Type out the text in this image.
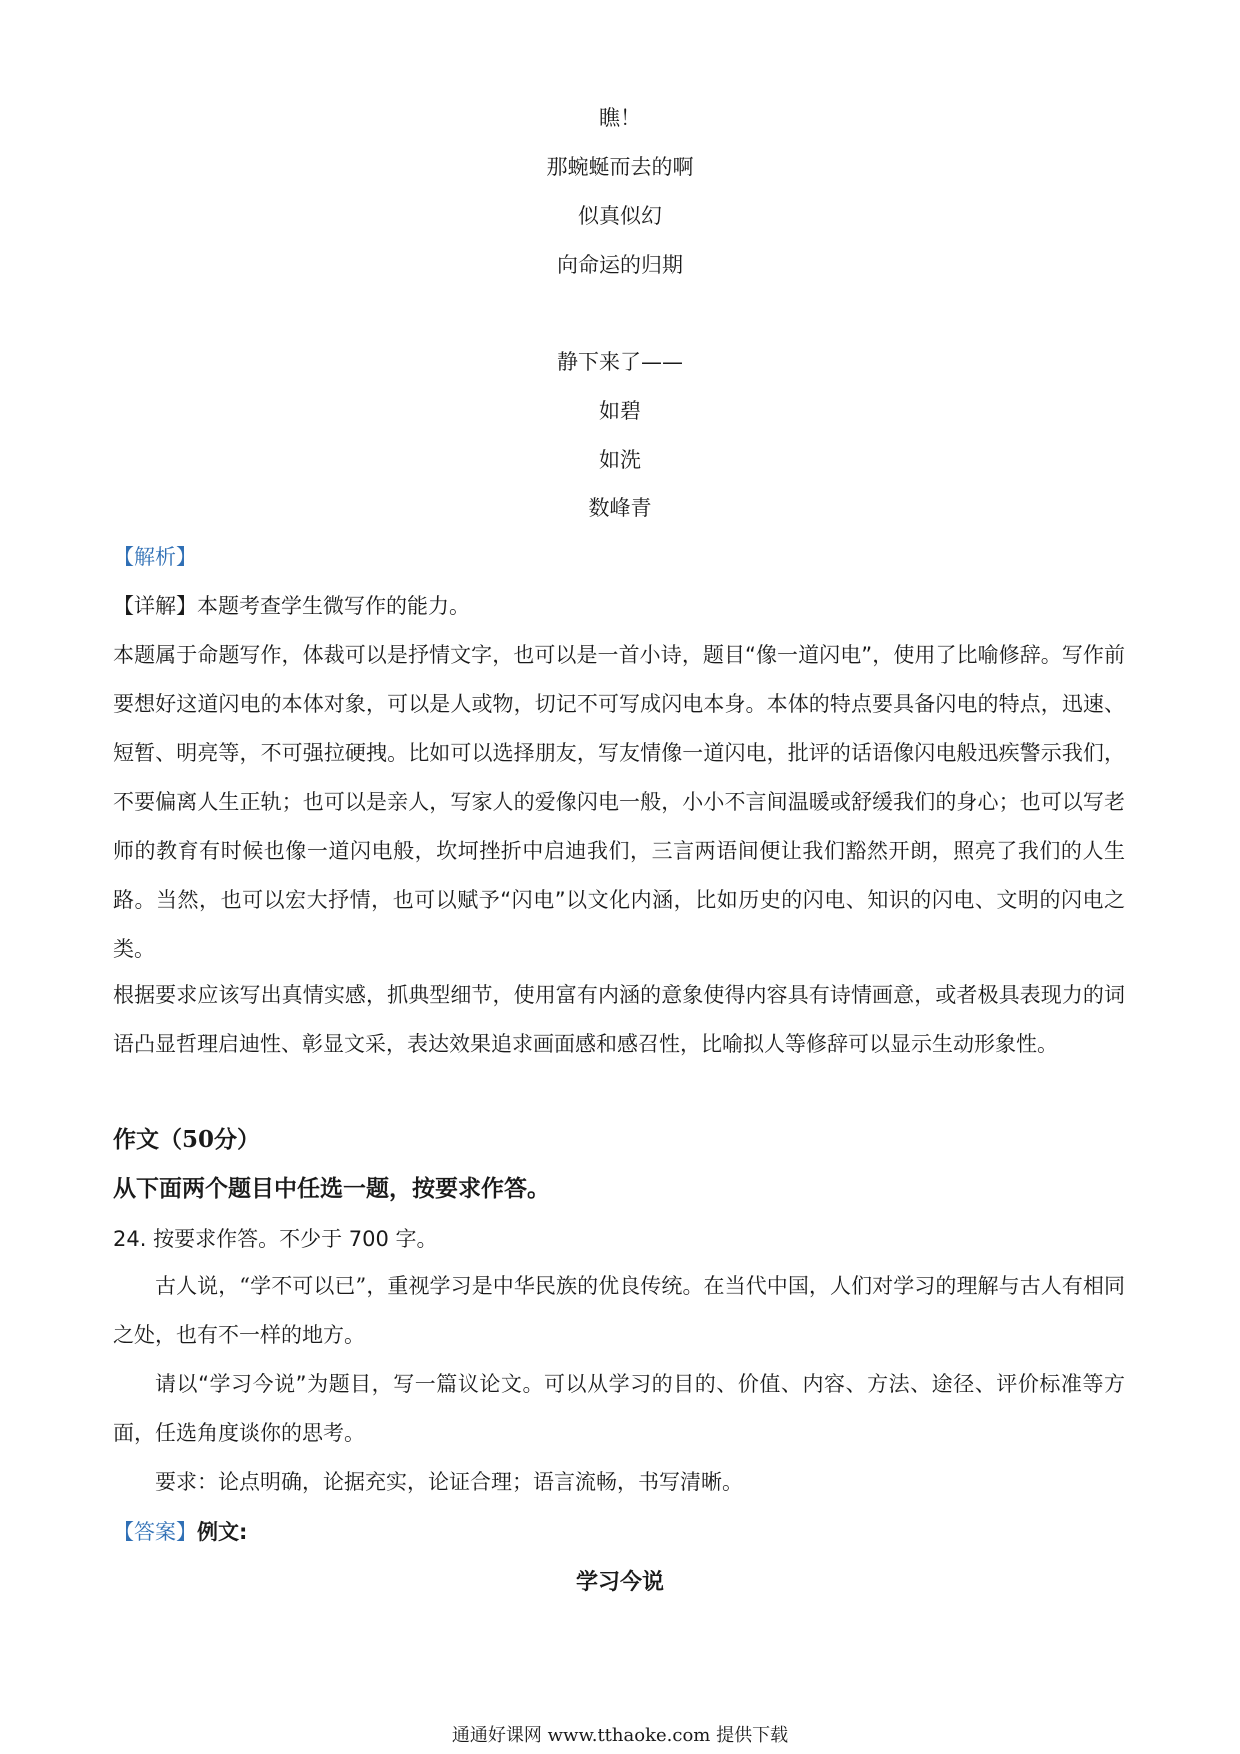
瞧！
那蜿蜒而去的啊
似真似幻
向命运的归期
静下来了——
如碧
如洗
数峰青
【解析】
【详解】本题考查学生微写作的能力。

本题属于命题写作，体裁可以是抒情文字，也可以是一首小诗，题目“像一道闪电”，使用了比喻修辞。写作前要想好这道闪电的本体对象，可以是人或物，切记不可写成闪电本身。本体的特点要具备闪电的特点，迅速、短暂、明亮等，不可强拉硬拽。比如可以选择朋友，写友情像一道闪电，批评的话语像闪电般迅疾警示我们，不要偏离人生正轨；也可以是亲人，写家人的爱像闪电一般，小小不言间温暖或舒缓我们的身心；也可以写老师的教育有时候也像一道闪电般，坎坷挫折中启迪我们，三言两语间便让我们豁然开朗，照亮了我们的人生路。当然，也可以宏大抒情，也可以赋予“闪电”以文化内涵，比如历史的闪电、知识的闪电、文明的闪电之类。

根据要求应该写出真情实感，抓典型细节，使用富有内涵的意象使得内容具有诗情画意，或者极具表现力的词语凸显哲理启迪性、彰显文采，表达效果追求画面感和感召性，比喻拟人等修辞可以显示生动形象性。

作文（50分）
从下面两个题目中任选一题，按要求作答。
24. 按要求作答。不少于 700 字。

古人说，“学不可以已”，重视学习是中华民族的优良传统。在当代中国，人们对学习的理解与古人有相同之处，也有不一样的地方。

请以“学习今说”为题目，写一篇议论文。可以从学习的目的、价值、内容、方法、途径、评价标准等方面，任选角度谈你的思考。

要求：论点明确，论据充实，论证合理；语言流畅，书写清晰。

【答案】例文:
学习今说
通通好课网 www.tthaoke.com 提供下载
